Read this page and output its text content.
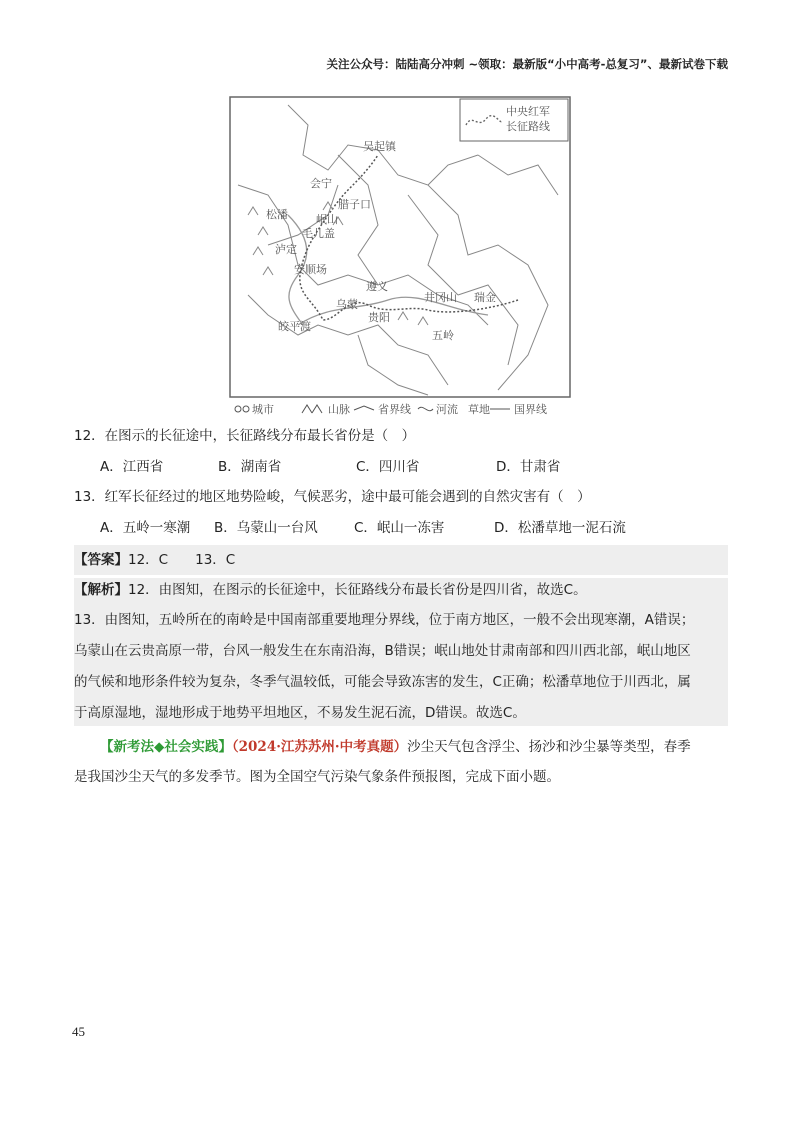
关注公众号：陆陆高分冲刺 ~领取：最新版“小中高考-总复习”、最新试卷下载
中央红军
长征路线
吴起镇
会宁
腊子口
松潘	岷山
毛儿盖
泸定
安顺场
遵义
乌蒙
贵阳
皎平渡
井冈山 瑞金
五岭
城市	山脉	省界线 河流 草地 国界线
12．在图示的长征途中，长征路线分布最长省份是（　）
A．江西省	B．湖南省	C．四川省	D．甘肃省
13．红军长征经过的地区地势险峻，气候恶劣，途中最可能会遇到的自然灾害有（　）
A．五岭一寒潮 B．乌蒙山一台风	C．岷山一冻害	D．松潘草地一泥石流
【答案】12．C　　13．C
【解析】12．由图知，在图示的长征途中，长征路线分布最长省份是四川省，故选C。
13．由图知，五岭所在的南岭是中国南部重要地理分界线，位于南方地区，一般不会出现寒潮，A错误；
乌蒙山在云贵高原一带，台风一般发生在东南沿海，B错误；岷山地处甘肃南部和四川西北部，岷山地区
的气候和地形条件较为复杂，冬季气温较低，可能会导致冻害的发生，C正确；松潘草地位于川西北，属
于高原湿地，湿地形成于地势平坦地区，不易发生泥石流，D错误。故选C。
【新考法◆社会实践】（2024·江苏苏州·中考真题）沙尘天气包含浮尘、扬沙和沙尘暴等类型，春季
是我国沙尘天气的多发季节。图为全国空气污染气象条件预报图，完成下面小题。
45
